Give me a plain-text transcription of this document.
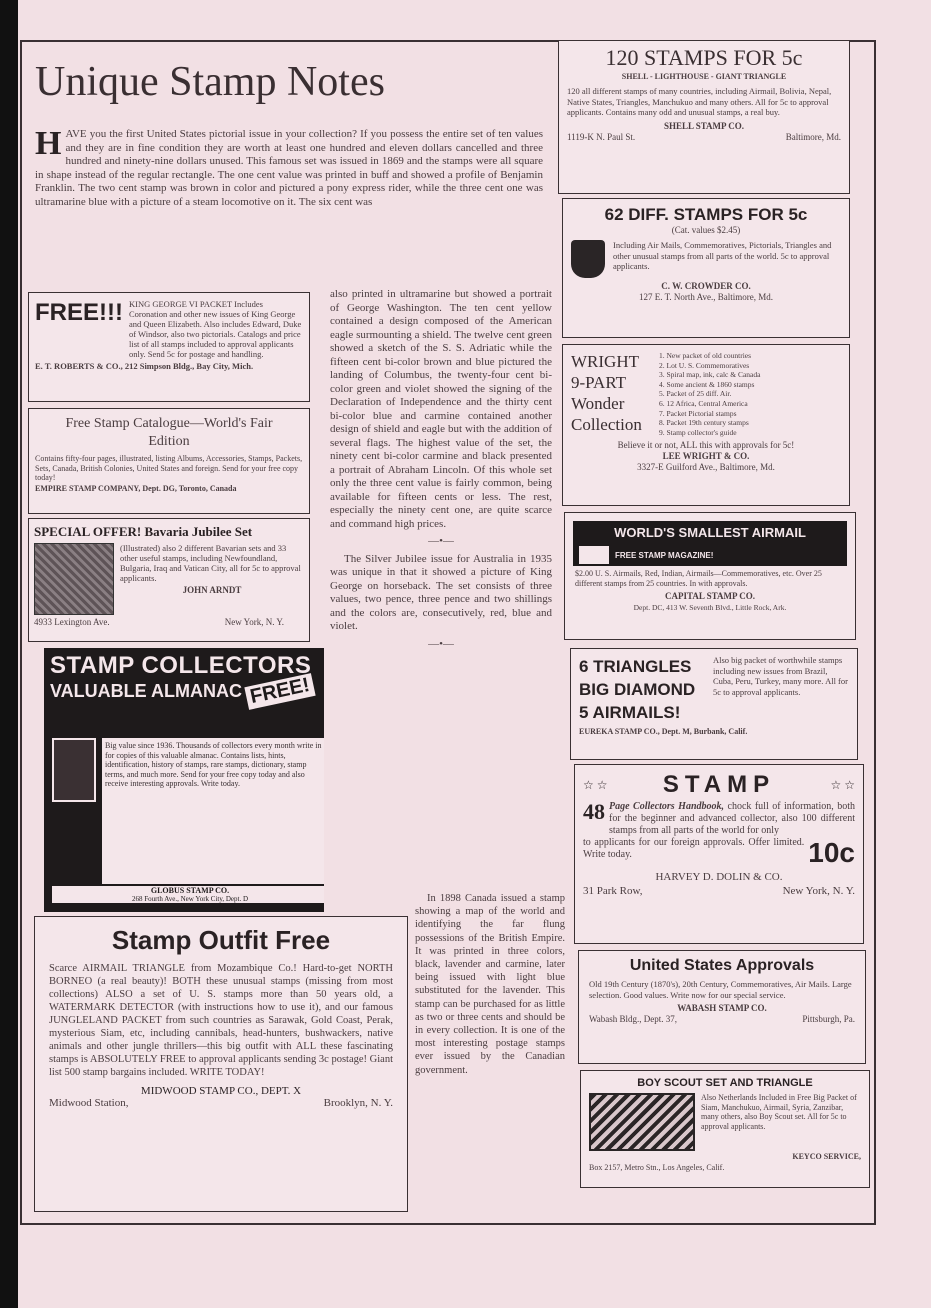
Unique Stamp Notes
H AVE you the first United States pictorial issue in your collection? If you possess the entire set of ten values and they are in fine condition they are worth at least one hundred and eleven dollars cancelled and three hundred and ninety-nine dollars unused. This famous set was issued in 1869 and the stamps were all square in shape instead of the regular rectangle. The one cent value was printed in buff and showed a profile of Benjamin Franklin. The two cent stamp was brown in color and pictured a pony express rider, while the three cent one was ultramarine blue with a picture of a steam locomotive on it. The six cent was

also printed in ultramarine but showed a portrait of George Washington. The ten cent yellow contained a design composed of the American eagle surmounting a shield. The twelve cent green showed a sketch of the S. S. Adriatic while the fifteen cent bi-color brown and blue pictured the landing of Columbus, the twenty-four cent bi-color green and violet showed the signing of the Declaration of Independence and the thirty cent bi-color blue and carmine contained another design of shield and eagle but with the addition of several flags. The highest value of the set, the ninety cent bi-color carmine and black presented a portrait of Abraham Lincoln. Of this whole set only the three cent value is fairly common, being available for fifteen cents or less. The rest, especially the ninety cent one, are quite scarce and command high prices.

—•—

The Silver Jubilee issue for Australia in 1935 was unique in that it showed a picture of King George on horseback. The set consists of three values, two pence, three pence and two shillings and the colors are, consecutively, red, blue and violet.

—•—

In 1898 Canada issued a stamp showing a map of the world and identifying the far flung possessions of the British Empire. It was printed in three colors, black, lavender and carmine, later being issued with light blue substituted for the lavender. This stamp can be purchased for as little as two or three cents and should be in every collection. It is one of the most interesting postage stamps ever issued by the Canadian government.

FREE!!! KING GEORGE VI PACKET Includes Coronation and other new issues of King George and Queen Elizabeth. Also includes Edward, Duke of Windsor, also two pictorials. Catalogs and price list of all stamps included to approval applicants only. Send 5c for postage and handling.
E. T. ROBERTS & CO., 212 Simpson Bldg., Bay City, Mich.
Free Stamp Catalogue—World's Fair Edition
Contains fifty-four pages, illustrated, listing Albums, Accessories, Stamps, Packets, Sets, Canada, British Colonies, United States and foreign. Send for your free copy today!
EMPIRE STAMP COMPANY, Dept. DG, Toronto, Canada
SPECIAL OFFER! Bavaria Jubilee Set
(Illustrated) also 2 different Bavarian sets and 33 other useful stamps, including Newfoundland, Bulgaria, Iraq and Vatican City, all for 5c to approval applicants.
JOHN ARNDT
4933 Lexington Ave.	New York, N. Y.
STAMP COLLECTORS
VALUABLE ALMANAC FREE!
Big value since 1936. Thousands of collectors every month write in for copies of this valuable almanac. Contains lists, hints, identification, history of stamps, rare stamps, dictionary, stamp terms, and much more. Send for your free copy today and also receive interesting approvals. Write today.
GLOBUS STAMP CO.
268 Fourth Ave., New York City, Dept. D
Stamp Outfit Free

Scarce AIRMAIL TRIANGLE from Mozambique Co.! Hard-to-get NORTH BORNEO (a real beauty)! BOTH these unusual stamps (missing from most collections) ALSO a set of U. S. stamps more than 50 years old, a WATERMARK DETECTOR (with instructions how to use it), and our famous JUNGLELAND PACKET from such countries as Sarawak, Gold Coast, Perak, mysterious Siam, etc, including cannibals, head-hunters, bushwackers, native animals and other jungle thrillers—this big outfit with ALL these fascinating stamps is ABSOLUTELY FREE to approval applicants sending 3c postage! Giant list 500 stamp bargains included. WRITE TODAY!

MIDWOOD STAMP CO., DEPT. X
Midwood Station,	Brooklyn, N. Y.
120 STAMPS FOR 5c
SHELL - LIGHTHOUSE - GIANT TRIANGLE
120 all different stamps of many countries, including Airmail, Bolivia, Nepal, Native States, Triangles, Manchukuo and many others. All for 5c to approval applicants. Contains many odd and unusual stamps, a real buy.
SHELL STAMP CO.
1119-K N. Paul St.	Baltimore, Md.
62 DIFF. STAMPS FOR 5c
(Cat. values $2.45)
Including Air Mails, Commemoratives, Pictorials, Triangles and other unusual stamps from all parts of the world. 5c to approval applicants.
C. W. CROWDER CO.
127 E. T. North Ave., Baltimore, Md.
WRIGHT 9-PART Wonder Collection
1. New packet of old countries
2. Lot U. S. Commemoratives
3. Spiral map, ink, calc & Canada
4. Some ancient & 1860 stamps
5. Packet of 25 diff. Air.
6. 12 Africa, Central America
7. Packet Pictorial stamps
8. Packet 19th century stamps
9. Stamp collector's guide
Believe it or not, ALL this with approvals for 5c!
LEE WRIGHT & CO.
3327-E Guilford Ave., Baltimore, Md.
WORLD'S SMALLEST AIRMAIL
FREE STAMP MAGAZINE!
$2.00 U. S. Airmails, Red, Indian, Airmails—Commemoratives, etc. Over 25 different stamps from 25 countries. In with approvals.
CAPITAL STAMP CO.
Dept. DC, 413 W. Seventh Blvd., Little Rock, Ark.
6 TRIANGLES
BIG DIAMOND
5 AIRMAILS!
Also big packet of worthwhile stamps including new issues from Brazil, Cuba, Peru, Turkey, many more. All for 5c to approval applicants.
EUREKA STAMP CO., Dept. M, Burbank, Calif.
☆ ☆ STAMP	☆ ☆
48 Page Collectors Handbook, chock full of information, both for the beginner and advanced collector, also 100 different stamps from all parts of the world for only
to applicants for our foreign approvals. Offer limited. Write today.	10c
HARVEY D. DOLIN & CO.
31 Park Row,	New York, N. Y.
United States Approvals
Old 19th Century (1870's), 20th Century, Commemoratives, Air Mails. Large selection. Good values. Write now for our special service.
WABASH STAMP CO.
Wabash Bldg., Dept. 37,	Pittsburgh, Pa.
BOY SCOUT SET AND TRIANGLE
Also Netherlands Included in Free Big Packet of Siam, Manchukuo, Airmail, Syria, Zanzibar, many others, also Boy Scout set. All for 5c to approval applicants.
KEYCO SERVICE,
Box 2157, Metro Stn., Los Angeles, Calif.
